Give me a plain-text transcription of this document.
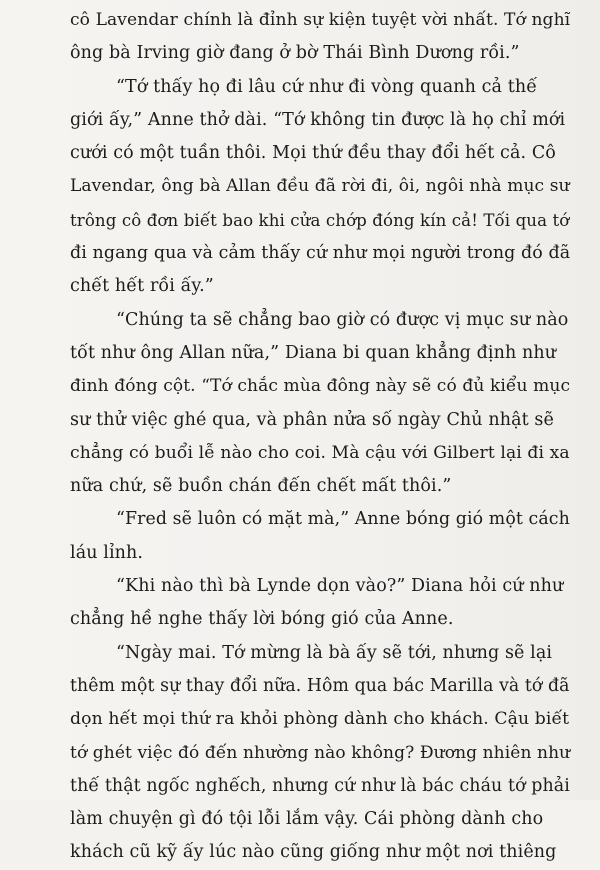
cô Lavendar chính là đỉnh sự kiện tuyệt vời nhất. Tớ nghĩ
ông bà Irving giờ đang ở bờ Thái Bình Dương rồi.”
“Tớ thấy họ đi lâu cứ như đi vòng quanh cả thế
giới ấy,” Anne thở dài. “Tớ không tin được là họ chỉ mới
cưới có một tuần thôi. Mọi thứ đều thay đổi hết cả. Cô
Lavendar, ông bà Allan đều đã rời đi, ôi, ngôi nhà mục sư
trông cô đơn biết bao khi cửa chớp đóng kín cả! Tối qua tớ
đi ngang qua và cảm thấy cứ như mọi người trong đó đã
chết hết rồi ấy.”
“Chúng ta sẽ chẳng bao giờ có được vị mục sư nào
tốt như ông Allan nữa,” Diana bi quan khẳng định như
đinh đóng cột. “Tớ chắc mùa đông này sẽ có đủ kiểu mục
sư thử việc ghé qua, và phân nửa số ngày Chủ nhật sẽ
chẳng có buổi lễ nào cho coi. Mà cậu với Gilbert lại đi xa
nữa chứ, sẽ buồn chán đến chết mất thôi.”
“Fred sẽ luôn có mặt mà,” Anne bóng gió một cách
láu lỉnh.
“Khi nào thì bà Lynde dọn vào?” Diana hỏi cứ như
chẳng hề nghe thấy lời bóng gió của Anne.
“Ngày mai. Tớ mừng là bà ấy sẽ tới, nhưng sẽ lại
thêm một sự thay đổi nữa. Hôm qua bác Marilla và tớ đã
dọn hết mọi thứ ra khỏi phòng dành cho khách. Cậu biết
tớ ghét việc đó đến nhường nào không? Đương nhiên như
thế thật ngốc nghếch, nhưng cứ như là bác cháu tớ phải
làm chuyện gì đó tội lỗi lắm vậy. Cái phòng dành cho
khách cũ kỹ ấy lúc nào cũng giống như một nơi thiêng
